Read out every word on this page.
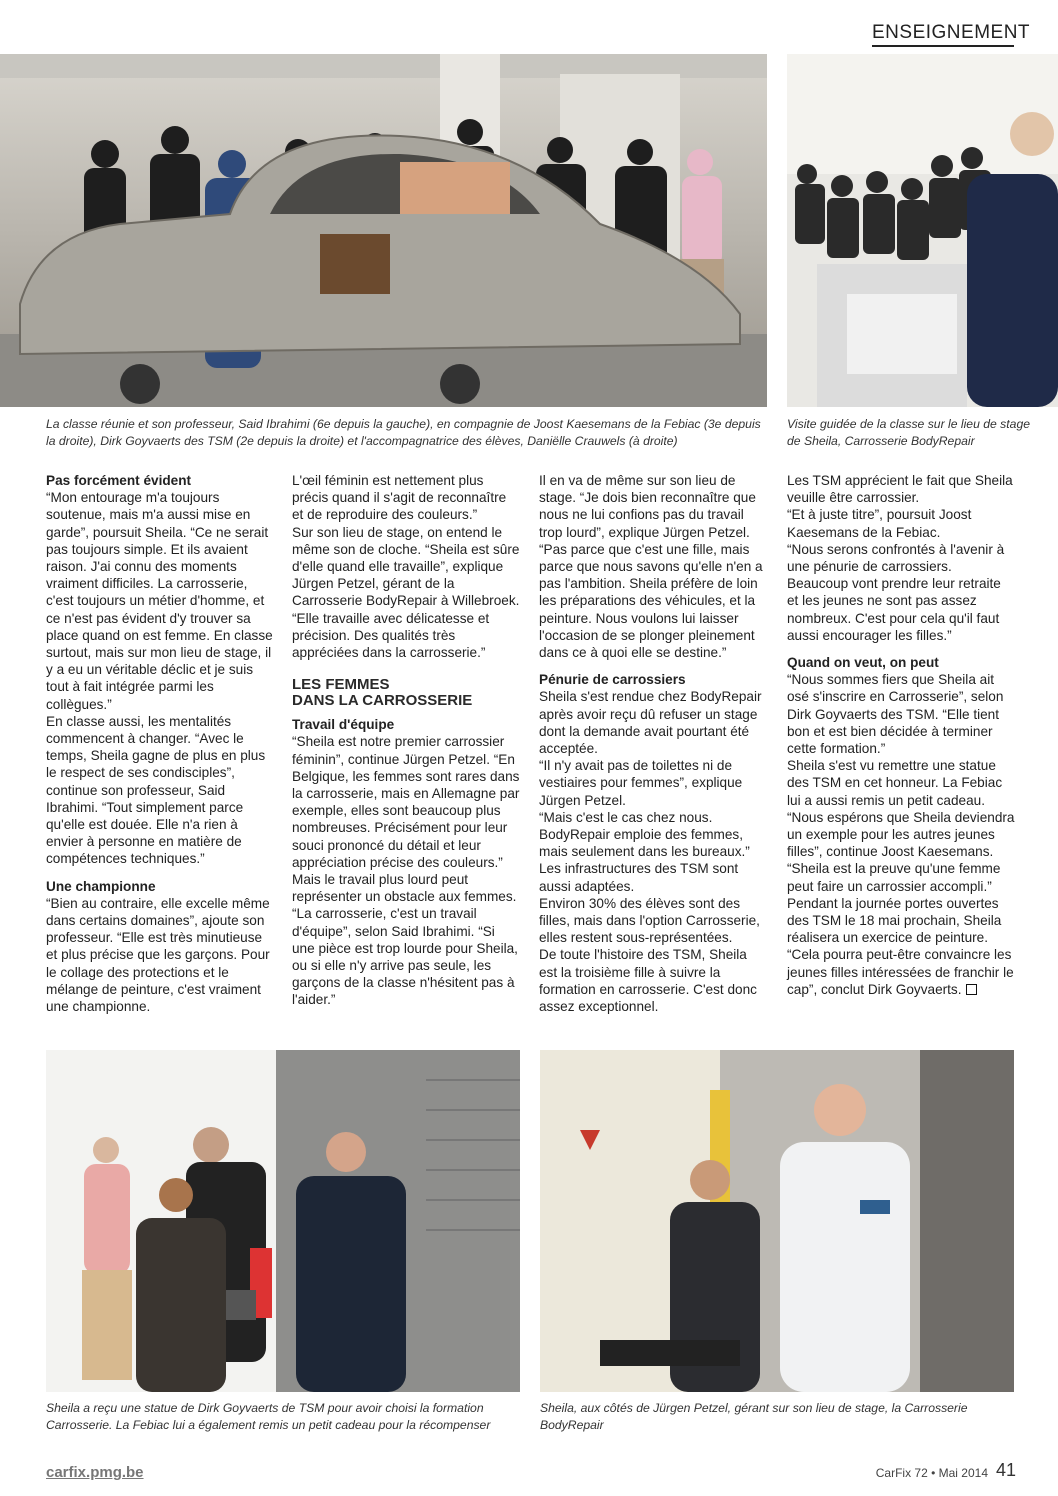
ENSEIGNEMENT
La classe réunie et son professeur, Said Ibrahimi (6e depuis la gauche), en compagnie de Joost Kaesemans de la Febiac (3e depuis la droite), Dirk Goyvaerts des TSM (2e depuis la droite) et l'accompagnatrice des élèves, Daniëlle Crauwels (à droite)
Visite guidée de la classe sur le lieu de stage de Sheila, Carrosserie BodyRepair
Pas forcément évident

“Mon entourage m'a toujours soutenue, mais m'a aussi mise en garde”, poursuit Sheila. “Ce ne serait pas toujours simple. Et ils avaient raison. J'ai connu des moments vraiment difficiles. La carrosserie, c'est toujours un métier d'homme, et ce n'est pas évident d'y trouver sa place quand on est femme. En classe surtout, mais sur mon lieu de stage, il y a eu un véritable déclic et je suis tout à fait intégrée parmi les collègues.”

En classe aussi, les mentalités commencent à changer. “Avec le temps, Sheila gagne de plus en plus le respect de ses condisciples”, continue son professeur, Said Ibrahimi. “Tout simplement parce qu'elle est douée. Elle n'a rien à envier à personne en matière de compétences techniques.”

Une championne

“Bien au contraire, elle excelle même dans certains domaines”, ajoute son professeur. “Elle est très minutieuse et plus précise que les garçons. Pour le collage des protections et le mélange de peinture, c'est vraiment une championne.

L'œil féminin est nettement plus précis quand il s'agit de reconnaître et de reproduire des couleurs.”

Sur son lieu de stage, on entend le même son de cloche. “Sheila est sûre d'elle quand elle travaille”, explique Jürgen Petzel, gérant de la Carrosserie BodyRepair à Willebroek. “Elle travaille avec délicatesse et précision. Des qualités très appréciées dans la carrosserie.”

LES FEMMES
DANS LA CARROSSERIE
Travail d'équipe

“Sheila est notre premier carrossier féminin”, continue Jürgen Petzel. “En Belgique, les femmes sont rares dans la carrosserie, mais en Allemagne par exemple, elles sont beaucoup plus nombreuses. Précisément pour leur souci prononcé du détail et leur appréciation précise des couleurs.”

Mais le travail plus lourd peut représenter un obstacle aux femmes. “La carrosserie, c'est un travail d'équipe”, selon Said Ibrahimi. “Si une pièce est trop lourde pour Sheila, ou si elle n'y arrive pas seule, les garçons de la classe n'hésitent pas à l'aider.”

Il en va de même sur son lieu de stage. “Je dois bien reconnaître que nous ne lui confions pas du travail trop lourd”, explique Jürgen Petzel. “Pas parce que c'est une fille, mais parce que nous savons qu'elle n'en a pas l'ambition. Sheila préfère de loin les préparations des véhicules, et la peinture. Nous voulons lui laisser l'occasion de se plonger pleinement dans ce à quoi elle se destine.”

Pénurie de carrossiers

Sheila s'est rendue chez BodyRepair après avoir reçu dû refuser un stage dont la demande avait pourtant été acceptée.

“Il n'y avait pas de toilettes ni de vestiaires pour femmes”, explique Jürgen Petzel.

“Mais c'est le cas chez nous. BodyRepair emploie des femmes, mais seulement dans les bureaux.”

Les infrastructures des TSM sont aussi adaptées.

Environ 30% des élèves sont des filles, mais dans l'option Carrosserie, elles restent sous-représentées.

De toute l'histoire des TSM, Sheila est la troisième fille à suivre la formation en carrosserie. C'est donc assez exceptionnel.

Les TSM apprécient le fait que Sheila veuille être carrossier.

“Et à juste titre”, poursuit Joost Kaesemans de la Febiac.

“Nous serons confrontés à l'avenir à une pénurie de carrossiers. Beaucoup vont prendre leur retraite et les jeunes ne sont pas assez nombreux. C'est pour cela qu'il faut aussi encourager les filles.”

Quand on veut, on peut

“Nous sommes fiers que Sheila ait osé s'inscrire en Carrosserie”, selon Dirk Goyvaerts des TSM. “Elle tient bon et est bien décidée à terminer cette formation.”

Sheila s'est vu remettre une statue des TSM en cet honneur. La Febiac lui a aussi remis un petit cadeau.

“Nous espérons que Sheila deviendra un exemple pour les autres jeunes filles”, continue Joost Kaesemans. “Sheila est la preuve qu'une femme peut faire un carrossier accompli.”

Pendant la journée portes ouvertes des TSM le 18 mai prochain, Sheila réalisera un exercice de peinture.

“Cela pourra peut-être convaincre les jeunes filles intéressées de franchir le cap”, conclut Dirk Goyvaerts.

Sheila a reçu une statue de Dirk Goyvaerts de TSM pour avoir choisi la formation Carrosserie. La Febiac lui a également remis un petit cadeau pour la récompenser
Sheila, aux côtés de Jürgen Petzel, gérant sur son lieu de stage, la Carrosserie BodyRepair
carfix.pmg.be	CarFix 72 • Mai 2014 41
